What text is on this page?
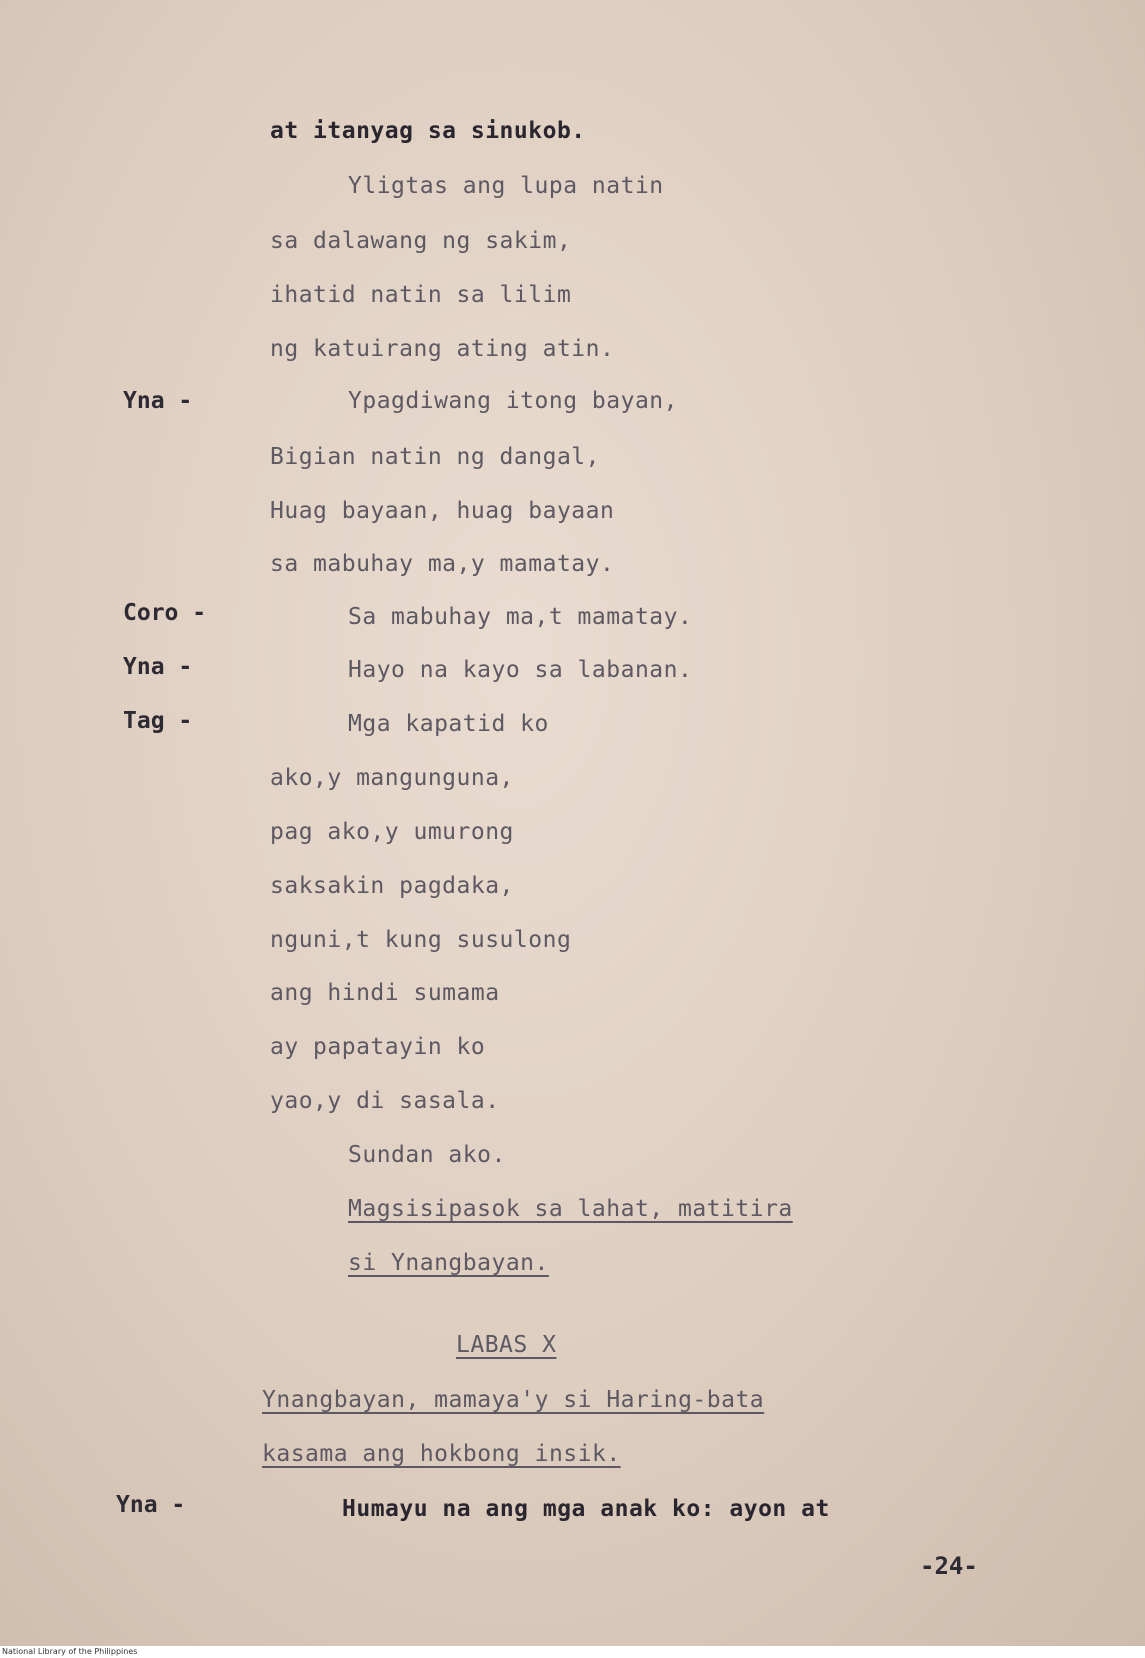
Yna -
Coro -
Yna -
Tag -
Yna -
at itanyag sa sinukob.
Yligtas ang lupa natin
sa dalawang ng sakim,
ihatid natin sa lilim
ng katuirang ating atin.
Ypagdiwang itong bayan,
Bigian natin ng dangal,
Huag bayaan, huag bayaan
sa mabuhay ma,y mamatay.
Sa mabuhay ma,t mamatay.
Hayo na kayo sa labanan.
Mga kapatid ko
ako,y mangunguna,
pag ako,y umurong
saksakin pagdaka,
nguni,t kung susulong
ang hindi sumama
ay papatayin ko
yao,y di sasala.
Sundan ako.
Magsisipasok sa lahat, matitira
si Ynangbayan.
LABAS X
Ynangbayan, mamaya'y si Haring-bata
kasama ang hokbong insik.
Humayu na ang mga anak ko: ayon at
-24-
National Library of the Philippines
